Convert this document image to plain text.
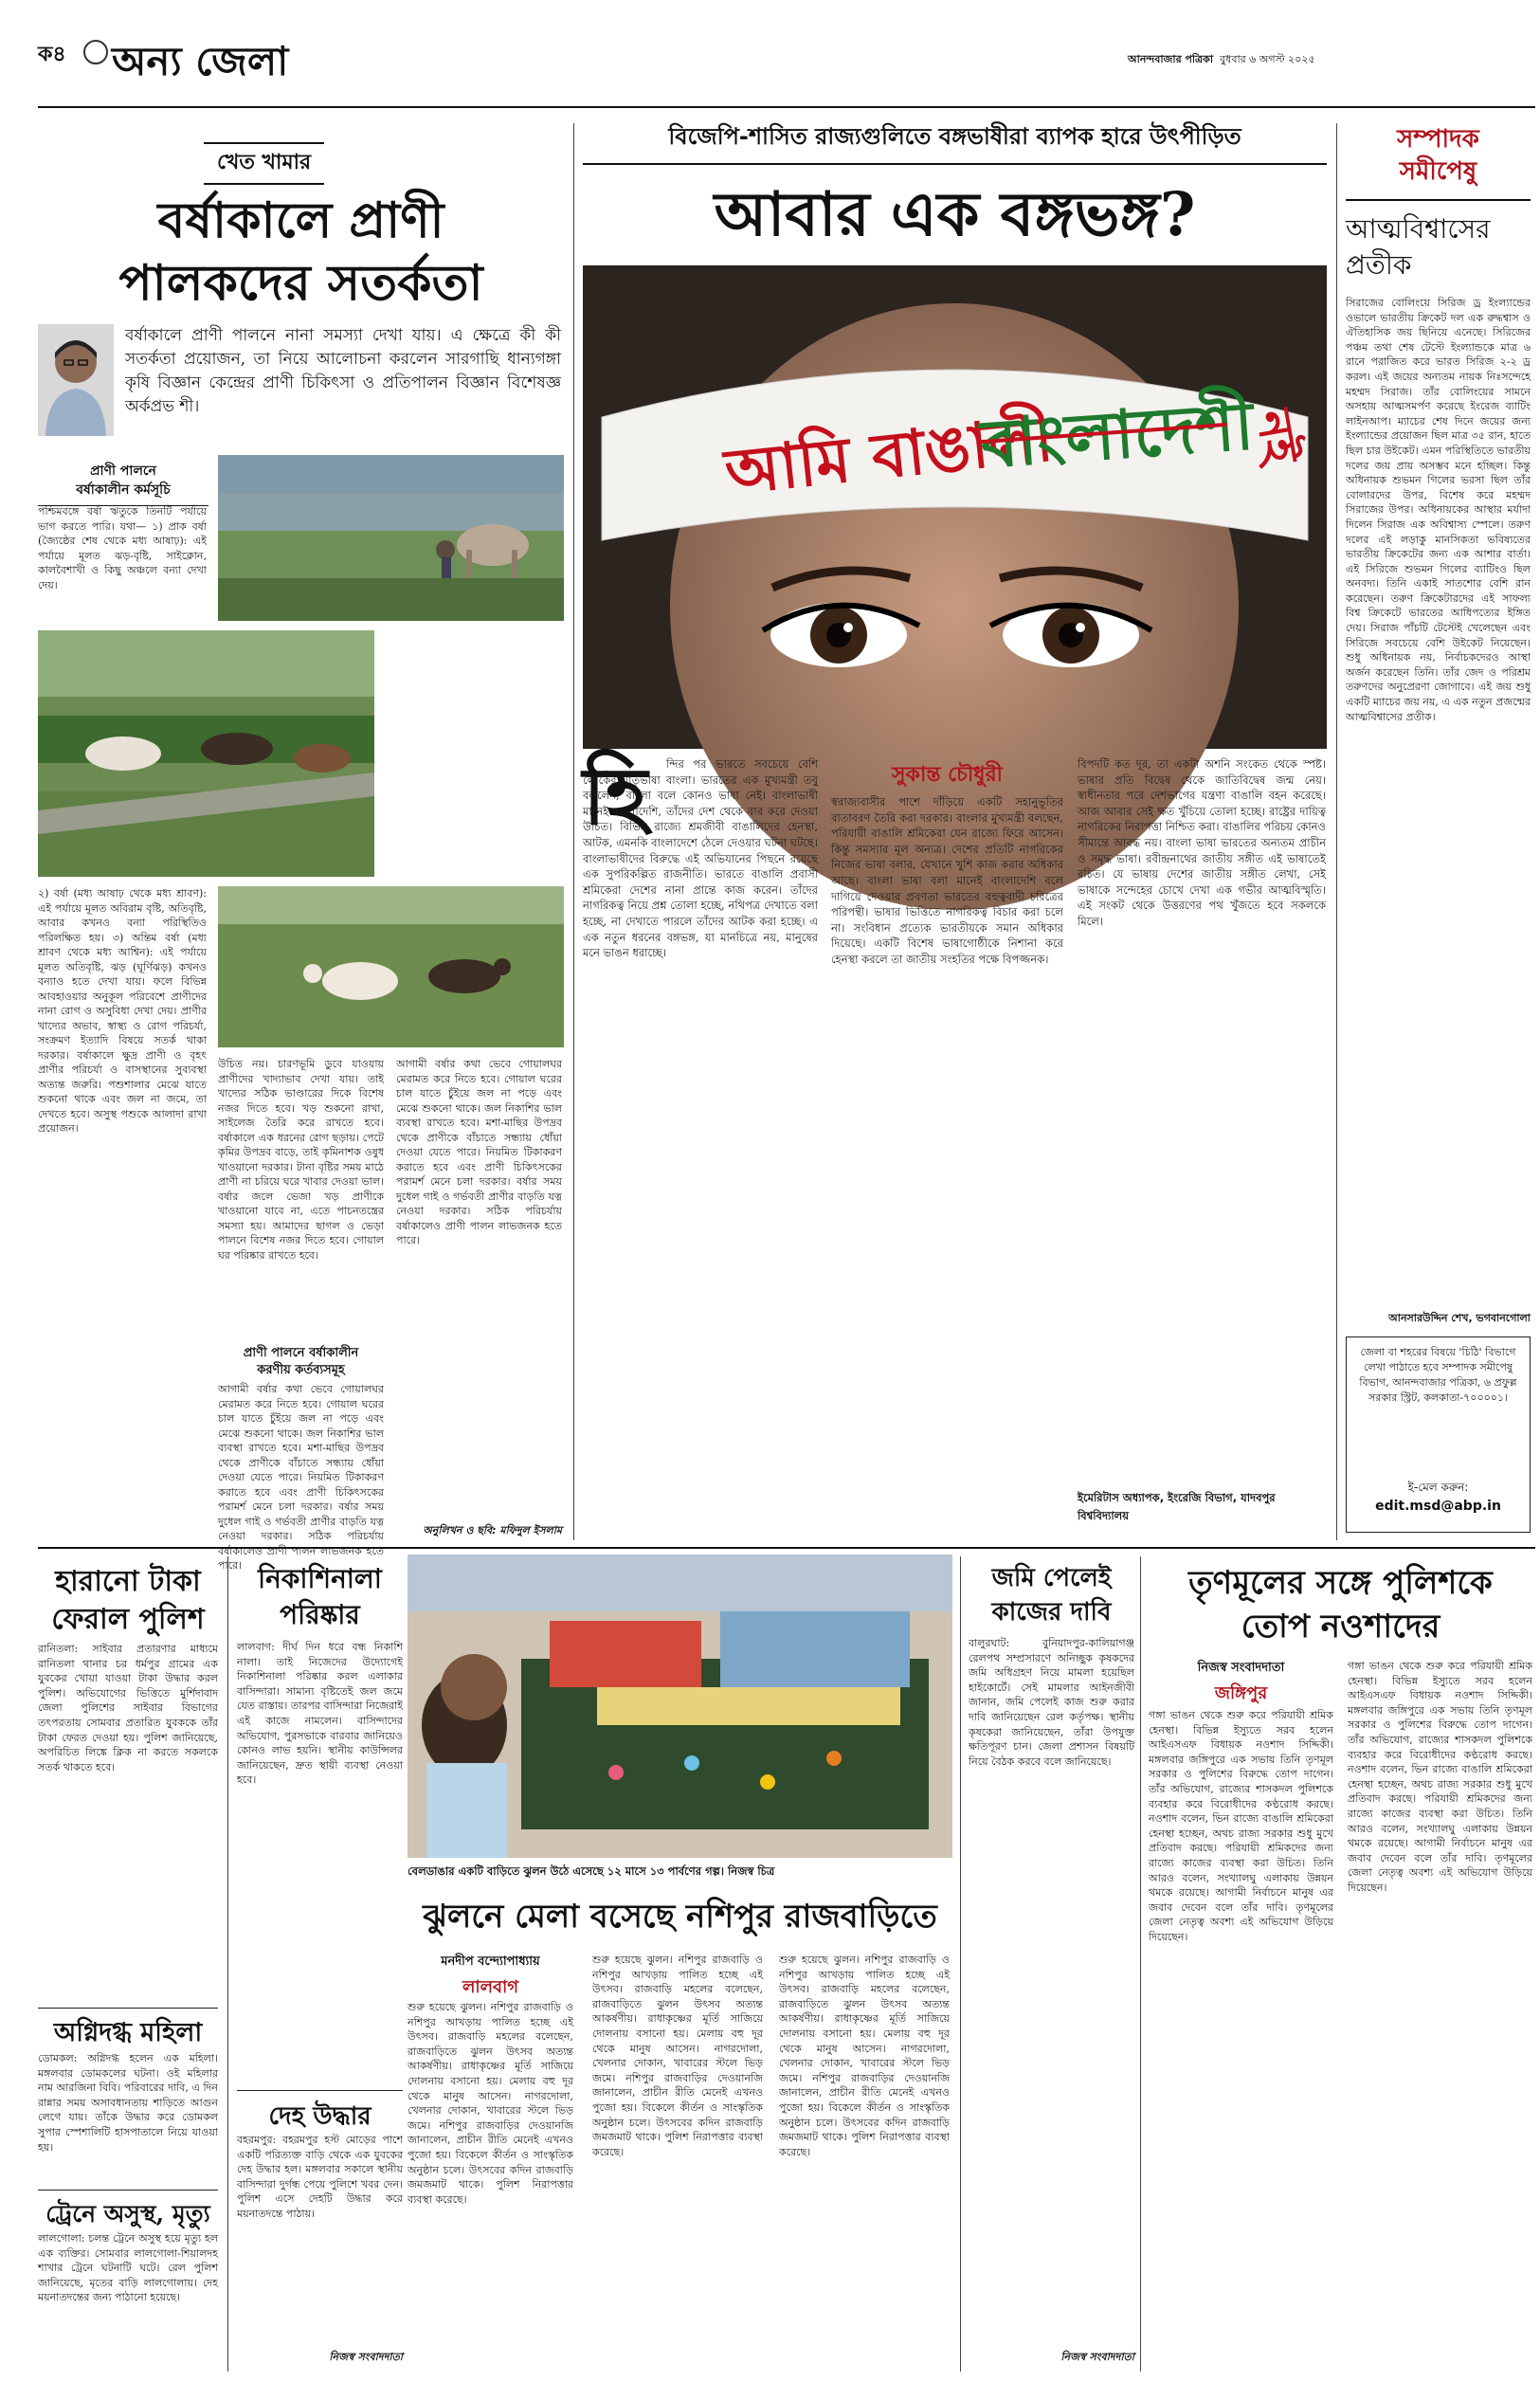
ক৪ অন্য জেলা	আনন্দবাজার পত্রিকা বুধবার ৬ অগস্ট ২০২৫
খেত খামার
বর্ষাকালে প্রাণী
পালকদের সতর্কতা
বর্ষাকালে প্রাণী পালনে নানা সমস্যা দেখা যায়। এ ক্ষেত্রে কী কী সতর্কতা প্রয়োজন, তা নিয়ে আলোচনা করলেন সারগাছি ধান্যগঙ্গা কৃষি বিজ্ঞান কেন্দ্রের প্রাণী চিকিৎসা ও প্রতিপালন বিজ্ঞান বিশেষজ্ঞ অর্কপ্রভ শী।
প্রাণী পালনে
বর্ষাকালীন কর্মসূচি
পশ্চিমবঙ্গে বর্ষা ঋতুকে তিনটি পর্যায়ে ভাগ করতে পারি। যথা— ১) প্রাক বর্ষা (জ্যৈষ্ঠের শেষ থেকে মধ্য আষাঢ়): এই পর্যায়ে মূলত ঝড়-বৃষ্টি, সাইক্লোন, কালবৈশাখী ও কিছু অঞ্চলে বন্যা দেখা দেয়।
২) বর্ষা (মধ্য আষাঢ় থেকে মধ্য শ্রাবণ): এই পর্যায়ে মূলত অবিরাম বৃষ্টি, অতিবৃষ্টি, আবার কখনও বন্যা পরিস্থিতিও পরিলক্ষিত হয়। ৩) অন্তিম বর্ষা (মধ্য শ্রাবণ থেকে মধ্য আশ্বিন): এই পর্যায়ে মূলত অতিবৃষ্টি, ঝড় (ঘূর্ণিঝড়) কখনও বন্যাও হতে দেখা যায়। ফলে বিভিন্ন আবহাওয়ার অনুকূল পরিবেশে প্রাণীদের নানা রোগ ও অসুবিধা দেখা দেয়। প্রাণীর খাদ্যের অভাব, স্বাস্থ্য ও রোগ পরিচর্যা, সংক্রমণ ইত্যাদি বিষয়ে সতর্ক থাকা দরকার। বর্ষাকালে ক্ষুদ্র প্রাণী ও বৃহৎ প্রাণীর পরিচর্যা ও বাসস্থানের সুব্যবস্থা অত্যন্ত জরুরি। পশুশালার মেঝে যাতে শুকনো থাকে এবং জল না জমে, তা দেখতে হবে। অসুস্থ পশুকে আলাদা রাখা প্রয়োজন।
উচিত নয়। চারণভূমি ডুবে যাওয়ায় প্রাণীদের খাদ্যাভাব দেখা যায়। তাই খাদ্যের সঠিক ভাণ্ডারের দিকে বিশেষ নজর দিতে হবে। খড় শুকনো রাখা, সাইলেজ তৈরি করে রাখতে হবে। বর্ষাকালে এক ধরনের রোগ ছড়ায়। পেটে কৃমির উপদ্রব বাড়ে, তাই কৃমিনাশক ওষুধ খাওয়ানো দরকার। টানা বৃষ্টির সময় মাঠে প্রাণী না চরিয়ে ঘরে খাবার দেওয়া ভাল। বর্ষার জলে ভেজা খড় প্রাণীকে খাওয়ানো যাবে না, এতে পাচনতন্ত্রের সমস্যা হয়। আমাদের ছাগল ও ভেড়া পালনে বিশেষ নজর দিতে হবে। গোয়াল ঘর পরিষ্কার রাখতে হবে।
প্রাণী পালনে বর্ষাকালীন
করণীয় কর্তব্যসমূহ
আগামী বর্ষার কথা ভেবে গোয়ালঘর মেরামত করে নিতে হবে। গোয়াল ঘরের চাল যাতে চুঁইয়ে জল না পড়ে এবং মেঝে শুকনো থাকে। জল নিকাশির ভাল ব্যবস্থা রাখতে হবে। মশা-মাছির উপদ্রব থেকে প্রাণীকে বাঁচাতে সন্ধ্যায় ধোঁয়া দেওয়া যেতে পারে। নিয়মিত টিকাকরণ করাতে হবে এবং প্রাণী চিকিৎসকের পরামর্শ মেনে চলা দরকার। বর্ষার সময় দুধেল গাই ও গর্ভবতী প্রাণীর বাড়তি যত্ন নেওয়া দরকার। সঠিক পরিচর্যায় বর্ষাকালেও প্রাণী পালন লাভজনক হতে পারে।
আগামী বর্ষার কথা ভেবে গোয়ালঘর মেরামত করে নিতে হবে। গোয়াল ঘরের চাল যাতে চুঁইয়ে জল না পড়ে এবং মেঝে শুকনো থাকে। জল নিকাশির ভাল ব্যবস্থা রাখতে হবে। মশা-মাছির উপদ্রব থেকে প্রাণীকে বাঁচাতে সন্ধ্যায় ধোঁয়া দেওয়া যেতে পারে। নিয়মিত টিকাকরণ করাতে হবে এবং প্রাণী চিকিৎসকের পরামর্শ মেনে চলা দরকার। বর্ষার সময় দুধেল গাই ও গর্ভবতী প্রাণীর বাড়তি যত্ন নেওয়া দরকার। সঠিক পরিচর্যায় বর্ষাকালেও প্রাণী পালন লাভজনক হতে পারে।
অনুলিখন ও ছবি: মফিদুল ইসলাম
বিজেপি-শাসিত রাজ্যগুলিতে বঙ্গভাষীরা ব্যাপক হারে উৎপীড়িত
আবার এক বঙ্গভঙ্গ?
আমি বাঙালী
বাংলাদেশী
নই
হি	ন্দির পর ভারতে সবচেয়ে বেশি লোকের মাতৃভাষা বাংলা। ভারতের এক মুখ্যমন্ত্রী তবু বললেন, বাংলা বলে কোনও ভাষা নেই। বাংলাভাষী মানেই বাংলাদেশি, তাঁদের দেশ থেকে বার করে দেওয়া উচিত। বিভিন্ন রাজ্যে শ্রমজীবী বাঙালিদের হেনস্থা, আটক, এমনকি বাংলাদেশে ঠেলে দেওয়ার ঘটনা ঘটছে। বাংলাভাষীদের বিরুদ্ধে এই অভিযানের পিছনে রয়েছে এক সুপরিকল্পিত রাজনীতি। ভারতে বাঙালি প্রবাসী শ্রমিকেরা দেশের নানা প্রান্তে কাজ করেন। তাঁদের নাগরিকত্ব নিয়ে প্রশ্ন তোলা হচ্ছে, নথিপত্র দেখাতে বলা হচ্ছে, না দেখাতে পারলে তাঁদের আটক করা হচ্ছে। এ এক নতুন ধরনের বঙ্গভঙ্গ, যা মানচিত্রে নয়, মানুষের মনে ভাঙন ধরাচ্ছে।
সুকান্ত চৌধুরী
স্বরাজ্যবাসীর পাশে দাঁড়িয়ে একটি সহানুভূতির বাতাবরণ তৈরি করা দরকার। বাংলার মুখ্যমন্ত্রী বলছেন, পরিযায়ী বাঙালি শ্রমিকেরা যেন রাজ্যে ফিরে আসেন। কিন্তু সমস্যার মূল অন্যত্র। দেশের প্রতিটি নাগরিকের নিজের ভাষা বলার, যেখানে খুশি কাজ করার অধিকার আছে। বাংলা ভাষা বলা মানেই বাংলাদেশি বলে দাগিয়ে দেওয়ার প্রবণতা ভারতের বহুত্ববাদী চরিত্রের পরিপন্থী। ভাষার ভিত্তিতে নাগরিকত্ব বিচার করা চলে না। সংবিধান প্রত্যেক ভারতীয়কে সমান অধিকার দিয়েছে। একটি বিশেষ ভাষাগোষ্ঠীকে নিশানা করে হেনস্থা করলে তা জাতীয় সংহতির পক্ষে বিপজ্জনক।
বিপদটি কত দূর, তা একটা অশনি সংকেত থেকে স্পষ্ট। ভাষার প্রতি বিদ্বেষ থেকে জাতিবিদ্বেষ জন্ম নেয়। স্বাধীনতার পরে দেশভাগের যন্ত্রণা বাঙালি বহন করেছে। আজ আবার সেই ক্ষত খুঁচিয়ে তোলা হচ্ছে। রাষ্ট্রের দায়িত্ব নাগরিকের নিরাপত্তা নিশ্চিত করা। বাঙালির পরিচয় কোনও সীমান্তে আবদ্ধ নয়। বাংলা ভাষা ভারতের অন্যতম প্রাচীন ও সমৃদ্ধ ভাষা। রবীন্দ্রনাথের জাতীয় সঙ্গীত এই ভাষাতেই রচিত। যে ভাষায় দেশের জাতীয় সঙ্গীত লেখা, সেই ভাষাকে সন্দেহের চোখে দেখা এক গভীর আত্মবিস্মৃতি। এই সংকট থেকে উত্তরণের পথ খুঁজতে হবে সকলকে মিলে।
ইমেরিটাস অধ্যাপক, ইংরেজি বিভাগ, যাদবপুর বিশ্ববিদ্যালয়
সম্পাদক
সমীপেষু
আত্মবিশ্বাসের
প্রতীক
সিরাজের বোলিংয়ে সিরিজ ড্র ইংল্যান্ডের ওভালে ভারতীয় ক্রিকেট দল এক রুদ্ধশ্বাস ও ঐতিহাসিক জয় ছিনিয়ে এনেছে। সিরিজের পঞ্চম তথা শেষ টেস্টে ইংল্যান্ডকে মাত্র ৬ রানে পরাজিত করে ভারত সিরিজ ২-২ ড্র করল। এই জয়ের অন্যতম নায়ক নিঃসন্দেহে মহম্মদ সিরাজ। তাঁর বোলিংয়ের সামনে অসহায় আত্মসমর্পণ করেছে ইংরেজ ব্যাটিং লাইনআপ। ম্যাচের শেষ দিনে জয়ের জন্য ইংল্যান্ডের প্রয়োজন ছিল মাত্র ৩৫ রান, হাতে ছিল চার উইকেট। এমন পরিস্থিতিতে ভারতীয় দলের জয় প্রায় অসম্ভব মনে হচ্ছিল। কিন্তু অধিনায়ক শুভমন গিলের ভরসা ছিল তাঁর বোলারদের উপর, বিশেষ করে মহম্মদ সিরাজের উপর। অধিনায়কের আস্থার মর্যাদা দিলেন সিরাজ এক অবিশ্বাস্য স্পেলে। তরুণ দলের এই লড়াকু মানসিকতা ভবিষ্যতের ভারতীয় ক্রিকেটের জন্য এক আশার বার্তা। এই সিরিজে শুভমন গিলের ব্যাটিংও ছিল অনবদ্য। তিনি একাই সাতশোর বেশি রান করেছেন। তরুণ ক্রিকেটারদের এই সাফল্য বিশ্ব ক্রিকেটে ভারতের আধিপত্যের ইঙ্গিত দেয়। সিরাজ পাঁচটি টেস্টেই খেলেছেন এবং সিরিজে সবচেয়ে বেশি উইকেট নিয়েছেন। শুধু অধিনায়ক নয়, নির্বাচকদেরও আস্থা অর্জন করেছেন তিনি। তাঁর জেদ ও পরিশ্রম তরুণদের অনুপ্রেরণা জোগাবে। এই জয় শুধু একটি ম্যাচের জয় নয়, এ এক নতুন প্রজন্মের আত্মবিশ্বাসের প্রতীক।
আনসারউদ্দিন শেখ, ভগবানগোলা
জেলা বা শহরের বিষয়ে 'চিঠি' বিভাগে লেখা পাঠাতে হবে সম্পাদক সমীপেষু বিভাগ, আনন্দবাজার পত্রিকা, ৬ প্রফুল্ল সরকার স্ট্রিট, কলকাতা-৭০০০০১।
ই-মেল করুন:
edit.msd@abp.in
হারানো টাকা
ফেরাল পুলিশ
রানিতলা: সাইবার প্রতারণার মাধ্যমে রানিতলা থানার চর ধর্মপুর গ্রামের এক যুবকের খোয়া যাওয়া টাকা উদ্ধার করল পুলিশ। অভিযোগের ভিত্তিতে মুর্শিদাবাদ জেলা পুলিশের সাইবার বিভাগের তৎপরতায় সোমবার প্রতারিত যুবককে তাঁর টাকা ফেরত দেওয়া হয়। পুলিশ জানিয়েছে, অপরিচিত লিঙ্কে ক্লিক না করতে সকলকে সতর্ক থাকতে হবে।
অগ্নিদগ্ধ মহিলা
ডোমকল: অগ্নিদগ্ধ হলেন এক মহিলা। মঙ্গলবার ডোমকলের ঘটনা। ওই মহিলার নাম আরজিনা বিবি। পরিবারের দাবি, এ দিন রান্নার সময় অসাবধানতায় শাড়িতে আগুন লেগে যায়। তাঁকে উদ্ধার করে ডোমকল সুপার স্পেশালিটি হাসপাতালে নিয়ে যাওয়া হয়।
ট্রেনে অসুস্থ, মৃত্যু
লালগোলা: চলন্ত ট্রেনে অসুস্থ হয়ে মৃত্যু হল এক ব্যক্তির। সোমবার লালগোলা-শিয়ালদহ শাখার ট্রেনে ঘটনাটি ঘটে। রেল পুলিশ জানিয়েছে, মৃতের বাড়ি লালগোলায়। দেহ ময়নাতদন্তের জন্য পাঠানো হয়েছে।
নিকাশিনালা
পরিষ্কার
লালবাগ: দীর্ঘ দিন ধরে বন্ধ নিকাশি নালা। তাই নিজেদের উদ্যোগেই নিকাশিনালা পরিষ্কার করল এলাকার বাসিন্দারা। সামান্য বৃষ্টিতেই জল জমে যেত রাস্তায়। তারপর বাসিন্দারা নিজেরাই এই কাজে নামলেন। বাসিন্দাদের অভিযোগ, পুরসভাকে বারবার জানিয়েও কোনও লাভ হয়নি। স্থানীয় কাউন্সিলর জানিয়েছেন, দ্রুত স্থায়ী ব্যবস্থা নেওয়া হবে।
দেহ উদ্ধার
বহরমপুর: বহরমপুর হস্ট মোড়ের পাশে একটি পরিত্যক্ত বাড়ি থেকে এক যুবকের দেহ উদ্ধার হল। মঙ্গলবার সকালে স্থানীয় বাসিন্দারা দুর্গন্ধ পেয়ে পুলিশে খবর দেন। পুলিশ এসে দেহটি উদ্ধার করে ময়নাতদন্তে পাঠায়।
নিজস্ব সংবাদদাতা
বেলডাঙার একটি বাড়িতে ঝুলন উঠে এসেছে ১২ মাসে ১৩ পার্বণের গল্প। নিজস্ব চিত্র
ঝুলনে মেলা বসেছে নশিপুর রাজবাড়িতে
মনদীপ বন্দ্যোপাধ্যায়
লালবাগ
শুরু হয়েছে ঝুলন। নশিপুর রাজবাড়ি ও নশিপুর আখড়ায় পালিত হচ্ছে এই উৎসব। রাজবাড়ি মহলের বলেছেন, রাজবাড়িতে ঝুলন উৎসব অত্যন্ত আকর্ষণীয়। রাধাকৃষ্ণের মূর্তি সাজিয়ে দোলনায় বসানো হয়। মেলায় বহু দূর থেকে মানুষ আসেন। নাগরদোলা, খেলনার দোকান, খাবারের স্টলে ভিড় জমে। নশিপুর রাজবাড়ির দেওয়ানজি জানালেন, প্রাচীন রীতি মেনেই এখনও পুজো হয়। বিকেলে কীর্তন ও সাংস্কৃতিক অনুষ্ঠান চলে। উৎসবের কদিন রাজবাড়ি জমজমাট থাকে। পুলিশ নিরাপত্তার ব্যবস্থা করেছে।
শুরু হয়েছে ঝুলন। নশিপুর রাজবাড়ি ও নশিপুর আখড়ায় পালিত হচ্ছে এই উৎসব। রাজবাড়ি মহলের বলেছেন, রাজবাড়িতে ঝুলন উৎসব অত্যন্ত আকর্ষণীয়। রাধাকৃষ্ণের মূর্তি সাজিয়ে দোলনায় বসানো হয়। মেলায় বহু দূর থেকে মানুষ আসেন। নাগরদোলা, খেলনার দোকান, খাবারের স্টলে ভিড় জমে। নশিপুর রাজবাড়ির দেওয়ানজি জানালেন, প্রাচীন রীতি মেনেই এখনও পুজো হয়। বিকেলে কীর্তন ও সাংস্কৃতিক অনুষ্ঠান চলে। উৎসবের কদিন রাজবাড়ি জমজমাট থাকে। পুলিশ নিরাপত্তার ব্যবস্থা করেছে।
শুরু হয়েছে ঝুলন। নশিপুর রাজবাড়ি ও নশিপুর আখড়ায় পালিত হচ্ছে এই উৎসব। রাজবাড়ি মহলের বলেছেন, রাজবাড়িতে ঝুলন উৎসব অত্যন্ত আকর্ষণীয়। রাধাকৃষ্ণের মূর্তি সাজিয়ে দোলনায় বসানো হয়। মেলায় বহু দূর থেকে মানুষ আসেন। নাগরদোলা, খেলনার দোকান, খাবারের স্টলে ভিড় জমে। নশিপুর রাজবাড়ির দেওয়ানজি জানালেন, প্রাচীন রীতি মেনেই এখনও পুজো হয়। বিকেলে কীর্তন ও সাংস্কৃতিক অনুষ্ঠান চলে। উৎসবের কদিন রাজবাড়ি জমজমাট থাকে। পুলিশ নিরাপত্তার ব্যবস্থা করেছে।
জমি পেলেই
কাজের দাবি
বালুরঘাট: বুনিয়াদপুর-কালিয়াগঞ্জ রেলপথ সম্প্রসারণে অনিচ্ছুক কৃষকদের জমি অধিগ্রহণ নিয়ে মামলা হয়েছিল হাইকোর্টে। সেই মামলার আইনজীবী জানান, জমি পেলেই কাজ শুরু করার দাবি জানিয়েছেন রেল কর্তৃপক্ষ। স্থানীয় কৃষকেরা জানিয়েছেন, তাঁরা উপযুক্ত ক্ষতিপূরণ চান। জেলা প্রশাসন বিষয়টি নিয়ে বৈঠক করবে বলে জানিয়েছে।
নিজস্ব সংবাদদাতা
তৃণমূলের সঙ্গে পুলিশকে
তোপ নওশাদের
নিজস্ব সংবাদদাতা
জঙ্গিপুর
গঙ্গা ভাঙন থেকে শুরু করে পরিযায়ী শ্রমিক হেনস্থা। বিভিন্ন ইস্যুতে সরব হলেন আইএসএফ বিধায়ক নওশাদ সিদ্দিকী। মঙ্গলবার জঙ্গিপুরে এক সভায় তিনি তৃণমূল সরকার ও পুলিশের বিরুদ্ধে তোপ দাগেন। তাঁর অভিযোগ, রাজ্যের শাসকদল পুলিশকে ব্যবহার করে বিরোধীদের কণ্ঠরোধ করছে। নওশাদ বলেন, ভিন রাজ্যে বাঙালি শ্রমিকেরা হেনস্থা হচ্ছেন, অথচ রাজ্য সরকার শুধু মুখে প্রতিবাদ করছে। পরিযায়ী শ্রমিকদের জন্য রাজ্যে কাজের ব্যবস্থা করা উচিত। তিনি আরও বলেন, সংখ্যালঘু এলাকায় উন্নয়ন থমকে রয়েছে। আগামী নির্বাচনে মানুষ এর জবাব দেবেন বলে তাঁর দাবি। তৃণমূলের জেলা নেতৃত্ব অবশ্য এই অভিযোগ উড়িয়ে দিয়েছেন।
গঙ্গা ভাঙন থেকে শুরু করে পরিযায়ী শ্রমিক হেনস্থা। বিভিন্ন ইস্যুতে সরব হলেন আইএসএফ বিধায়ক নওশাদ সিদ্দিকী। মঙ্গলবার জঙ্গিপুরে এক সভায় তিনি তৃণমূল সরকার ও পুলিশের বিরুদ্ধে তোপ দাগেন। তাঁর অভিযোগ, রাজ্যের শাসকদল পুলিশকে ব্যবহার করে বিরোধীদের কণ্ঠরোধ করছে। নওশাদ বলেন, ভিন রাজ্যে বাঙালি শ্রমিকেরা হেনস্থা হচ্ছেন, অথচ রাজ্য সরকার শুধু মুখে প্রতিবাদ করছে। পরিযায়ী শ্রমিকদের জন্য রাজ্যে কাজের ব্যবস্থা করা উচিত। তিনি আরও বলেন, সংখ্যালঘু এলাকায় উন্নয়ন থমকে রয়েছে। আগামী নির্বাচনে মানুষ এর জবাব দেবেন বলে তাঁর দাবি। তৃণমূলের জেলা নেতৃত্ব অবশ্য এই অভিযোগ উড়িয়ে দিয়েছেন।
